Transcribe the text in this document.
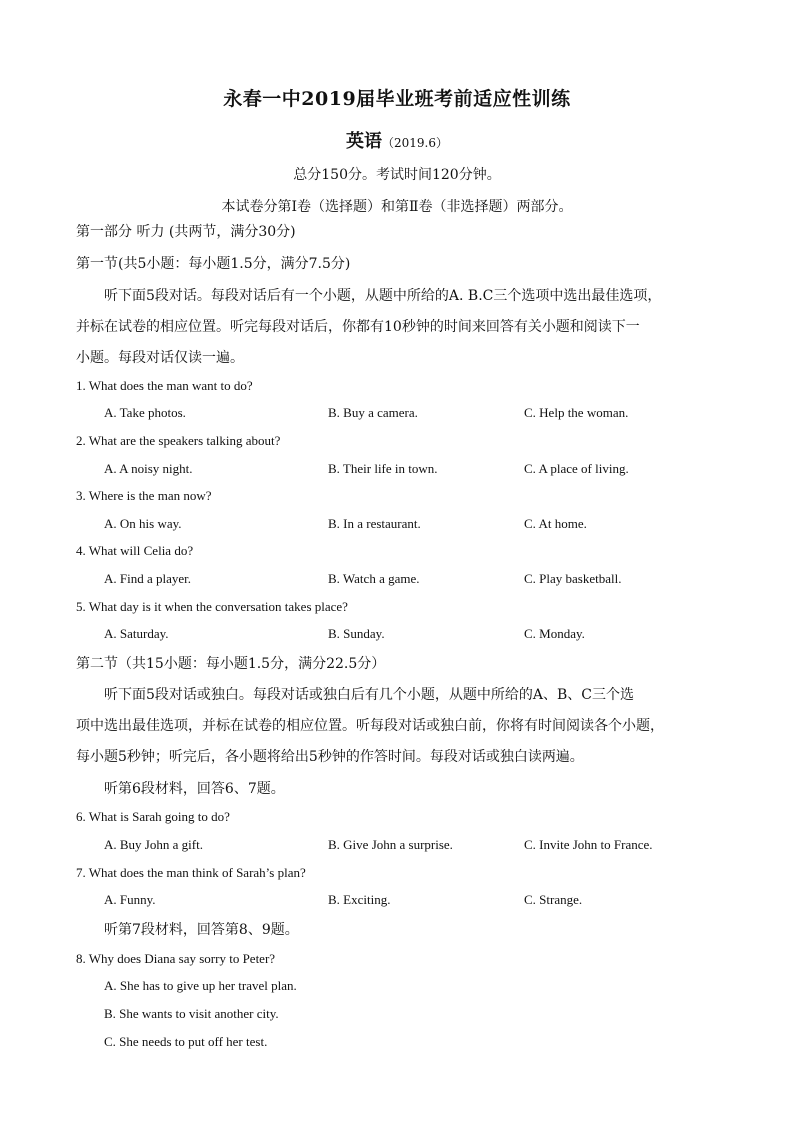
永春一中2019届毕业班考前适应性训练
英语（2019.6）
总分150分。考试时间120分钟。
本试卷分第Ⅰ卷（选择题）和第Ⅱ卷（非选择题）两部分。
第一部分 听力 (共两节，满分30分)
第一节(共5小题：每小题1.5分，满分7.5分)
听下面5段对话。每段对话后有一个小题，从题中所给的A. B.C三个选项中选出最佳选项，
并标在试卷的相应位置。听完每段对话后，你都有10秒钟的时间来回答有关小题和阅读下一
小题。每段对话仅读一遍。
1. What does the man want to do?
A. Take photos.	B. Buy a camera.	C. Help the woman.
2. What are the speakers talking about?
A. A noisy night.	B. Their life in town.	C. A place of living.
3. Where is the man now?
A. On his way.	B. In a restaurant.	C. At home.
4. What will Celia do?
A. Find a player.	B. Watch a game.	C. Play basketball.
5. What day is it when the conversation takes place?
A. Saturday.	B. Sunday.	C. Monday.
第二节（共15小题：每小题1.5分，满分22.5分）
听下面5段对话或独白。每段对话或独白后有几个小题，从题中所给的A、B、C三个选
项中选出最佳选项，并标在试卷的相应位置。听每段对话或独白前，你将有时间阅读各个小题，
每小题5秒钟；听完后，各小题将给出5秒钟的作答时间。每段对话或独白读两遍。
听第6段材料，回答6、7题。
6. What is Sarah going to do?
A. Buy John a gift.	B. Give John a surprise.	C. Invite John to France.
7. What does the man think of Sarah’s plan?
A. Funny.	B. Exciting.	C. Strange.
听第7段材料，回答第8、9题。
8. Why does Diana say sorry to Peter?
A. She has to give up her travel plan.
B. She wants to visit another city.
C. She needs to put off her test.
